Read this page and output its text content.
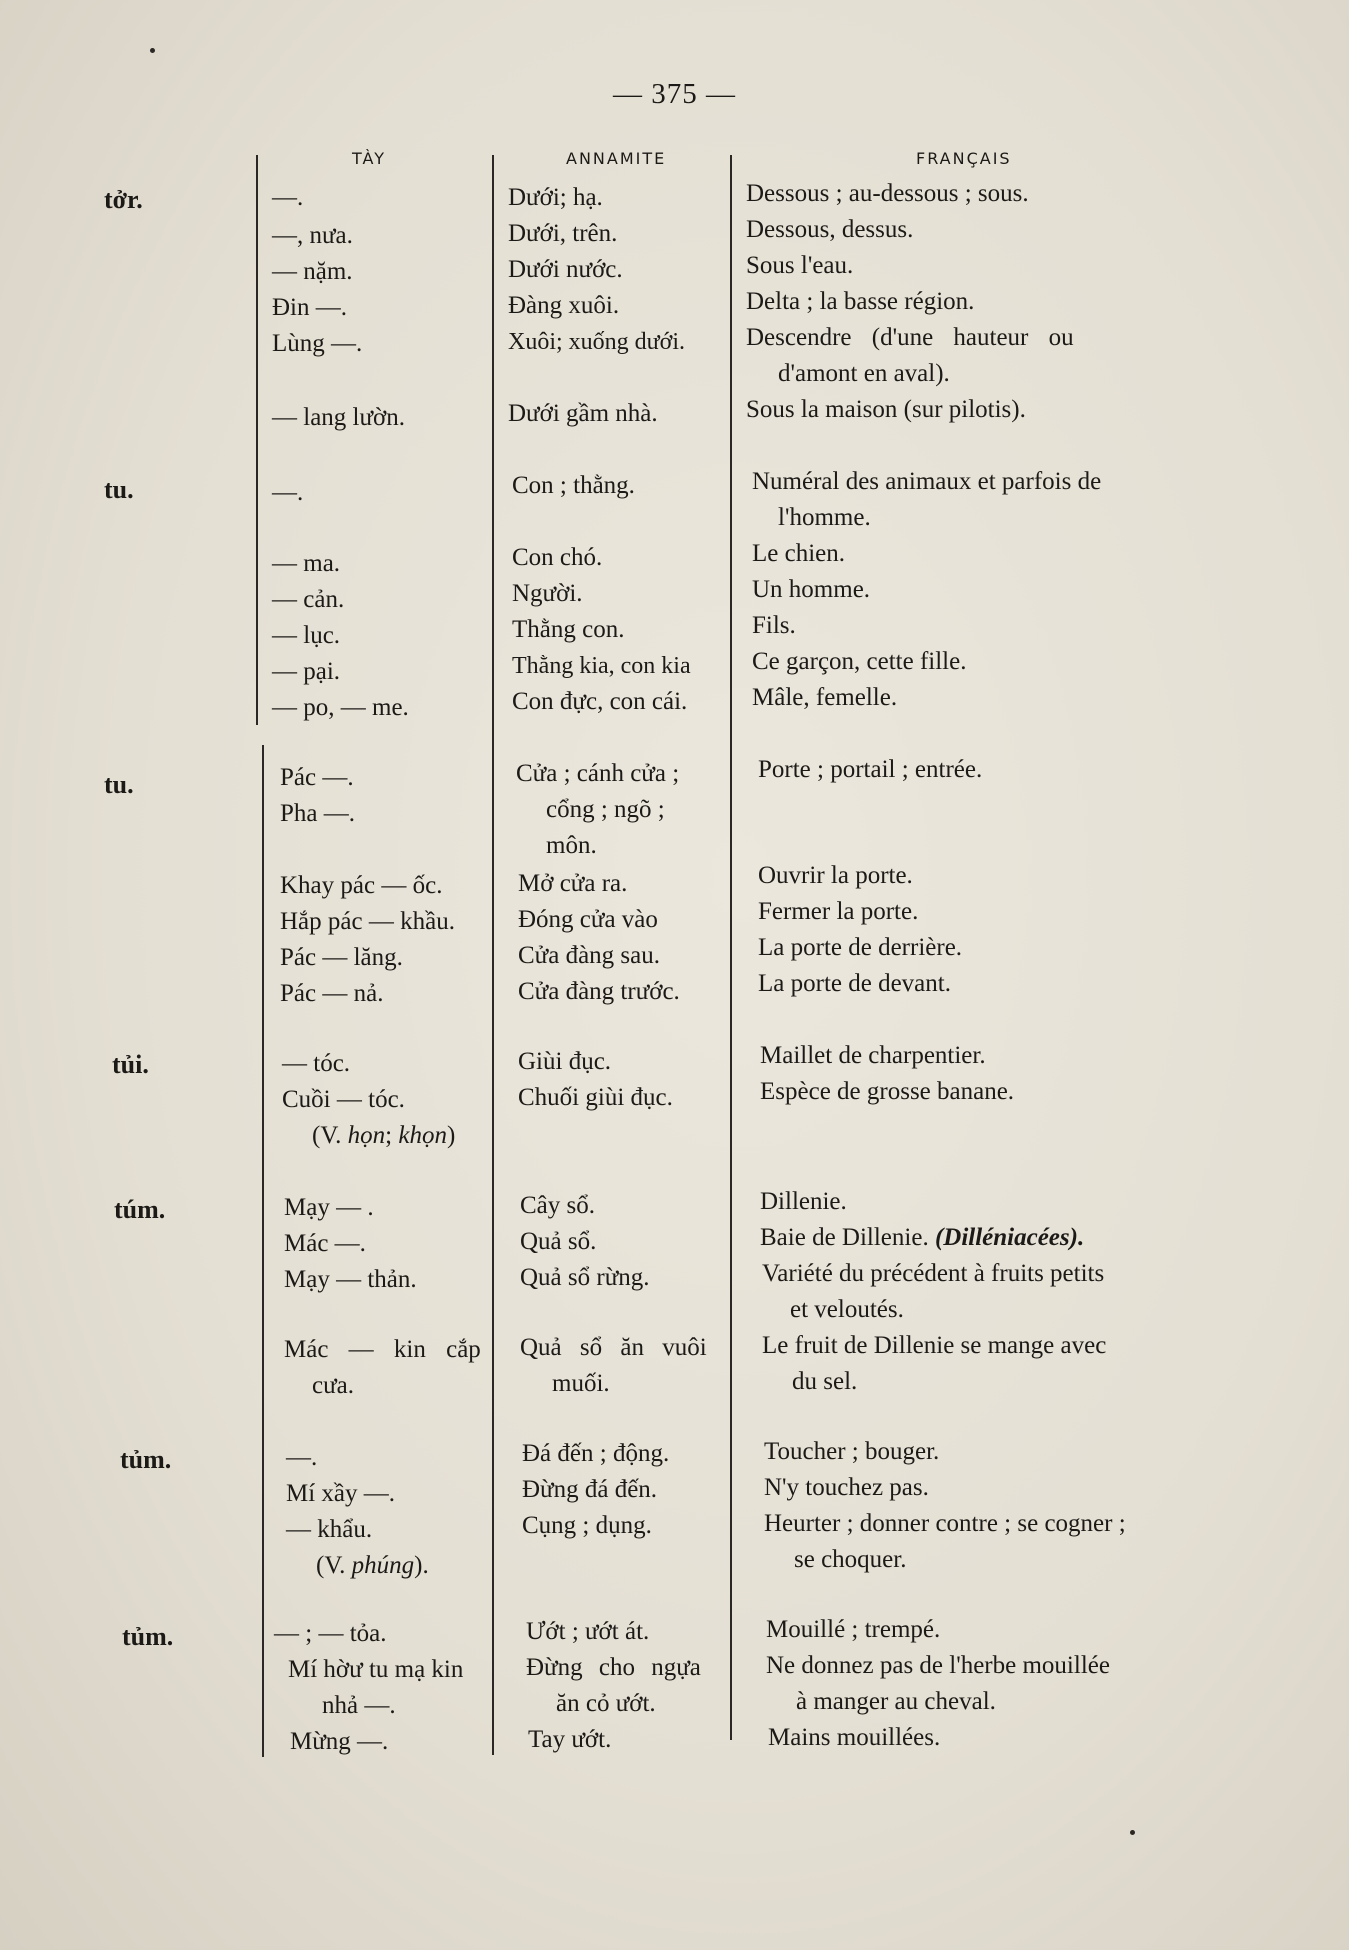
— 375 —
TÀY	ANNAMITE	FRANÇAIS
tởr.
tu.
tu.
tủi.
túm.
tủm.
tủm.
—.
—, nưa.
— nặm.
Đin —.
Lùng —.
— lang lườn.
—.
— ma.
— cản.
— lục.
— pại.
— po, — me.
Pác —.
Pha —.
Khay pác — ốc.
Hắp pác — khầu.
Pác — lăng.
Pác — nả.
— tóc.
Cuồi — tóc.
(V. họn; khọn)
Mạy — .
Mác —.
Mạy — thản.
Mác — kin cắp
cưa.
—.
Mí xầy —.
— khẩu.
(V. phúng).
— ; — tỏa.
Mí hờư tu mạ kin
nhả —.
Mừng —.
Dưới; hạ.
Dưới, trên.
Dưới nước.
Đàng xuôi.
Xuôi; xuống dưới.
Dưới gầm nhà.
Con ; thằng.
Con chó.
Người.
Thằng con.
Thằng kia, con kia
Con đực, con cái.
Cửa ; cánh cửa ;
cổng ; ngõ ;
môn.
Mở cửa ra.
Đóng cửa vào
Cửa đàng sau.
Cửa đàng trước.
Giùi đục.
Chuối giùi đục.
Cây sổ.
Quả sổ.
Quả sổ rừng.
Quả sổ ăn vuôi
muối.
Đá đến ; động.
Đừng đá đến.
Cụng ; dụng.
Ướt ; ướt át.
Đừng cho ngựa
ăn cỏ ướt.
Tay ướt.
Dessous ; au-dessous ; sous.
Dessous, dessus.
Sous l'eau.
Delta ; la basse région.
Descendre (d'une hauteur ou
d'amont en aval).
Sous la maison (sur pilotis).
Numéral des animaux et parfois de
l'homme.
Le chien.
Un homme.
Fils.
Ce garçon, cette fille.
Mâle, femelle.
Porte ; portail ; entrée.
Ouvrir la porte.
Fermer la porte.
La porte de derrière.
La porte de devant.
Maillet de charpentier.
Espèce de grosse banane.
Dillenie.
Baie de Dillenie. (Dilléniacées).
Variété du précédent à fruits petits
et veloutés.
Le fruit de Dillenie se mange avec
du sel.
Toucher ; bouger.
N'y touchez pas.
Heurter ; donner contre ; se cogner ;
se choquer.
Mouillé ; trempé.
Ne donnez pas de l'herbe mouillée
à manger au cheval.
Mains mouillées.
